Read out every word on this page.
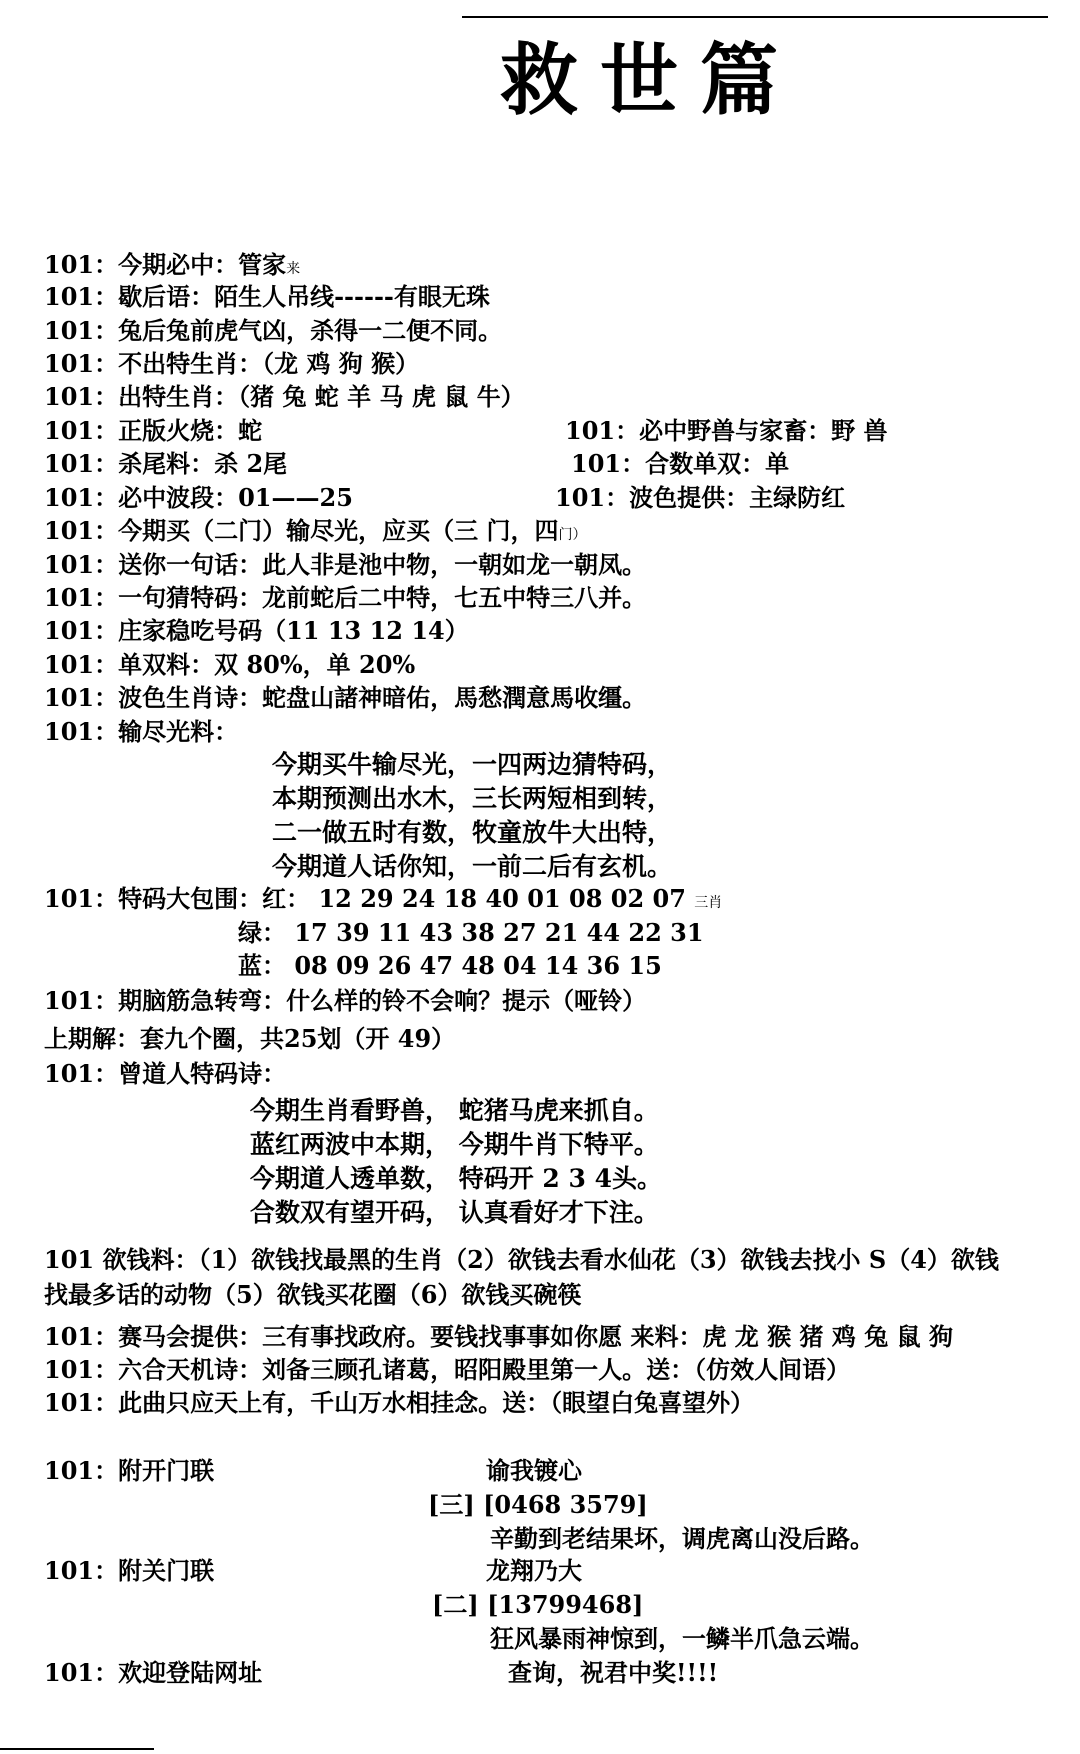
救世篇
101：今期必中：管家来
101：歇后语：陌生人吊线------有眼无珠
101：兔后兔前虎气凶，杀得一二便不同。
101：不出特生肖：（龙 鸡 狗 猴）
101：出特生肖：（猪 兔 蛇 羊 马 虎 鼠 牛）
101：正版火烧：蛇	101：必中野兽与家畜：野 兽
101：杀尾料：杀 2尾	101：合数单双：单
101：必中波段：01——25	101：波色提供：主绿防红
101：今期买（二门）输尽光，应买（三 门，四门）
101：送你一句话：此人非是池中物，一朝如龙一朝凤。
101：一句猜特码：龙前蛇后二中特，七五中特三八并。
101：庄家稳吃号码（11 13 12 14）
101：单双料：双 80%，单 20%
101：波色生肖诗：蛇盘山諸神暗佑，馬愁潤意馬收缰。
101：输尽光料：
今期买牛输尽光，一四两边猜特码，
本期预测出水木，三长两短相到转，
二一做五时有数，牧童放牛大出特，
今期道人话你知，一前二后有玄机。
101：特码大包围：红： 12 29 24 18 40 01 08 02 07 三肖
绿： 17 39 11 43 38 27 21 44 22 31
蓝： 08 09 26 47 48 04 14 36 15
101：期脑筋急转弯：什么样的铃不会响？提示（哑铃）
上期解：套九个圈，共25划（开 49）
101：曾道人特码诗：
今期生肖看野兽， 蛇猪马虎来抓自。
蓝红两波中本期， 今期牛肖下特平。
今期道人透单数， 特码开 2 3 4头。
合数双有望开码， 认真看好才下注。
101 欲钱料：（1）欲钱找最黑的生肖（2）欲钱去看水仙花（3）欲钱去找小 S（4）欲钱
找最多话的动物（5）欲钱买花圈（6）欲钱买碗筷
101：赛马会提供：三有事找政府。要钱找事事如你愿 来料：虎 龙 猴 猪 鸡 兔 鼠 狗
101：六合天机诗：刘备三顾孔诸葛，昭阳殿里第一人。送：（仿效人间语）
101：此曲只应天上有，千山万水相挂念。送：（眼望白兔喜望外）
101：附开门联	谕我镀心
[三] [0468 3579]
辛勤到老结果坏，调虎离山没后路。
101：附关门联	龙翔乃大
[二] [13799468]
狂风暴雨神惊到，一鳞半爪急云端。
101：欢迎登陆网址	查询，祝君中奖!!!!
